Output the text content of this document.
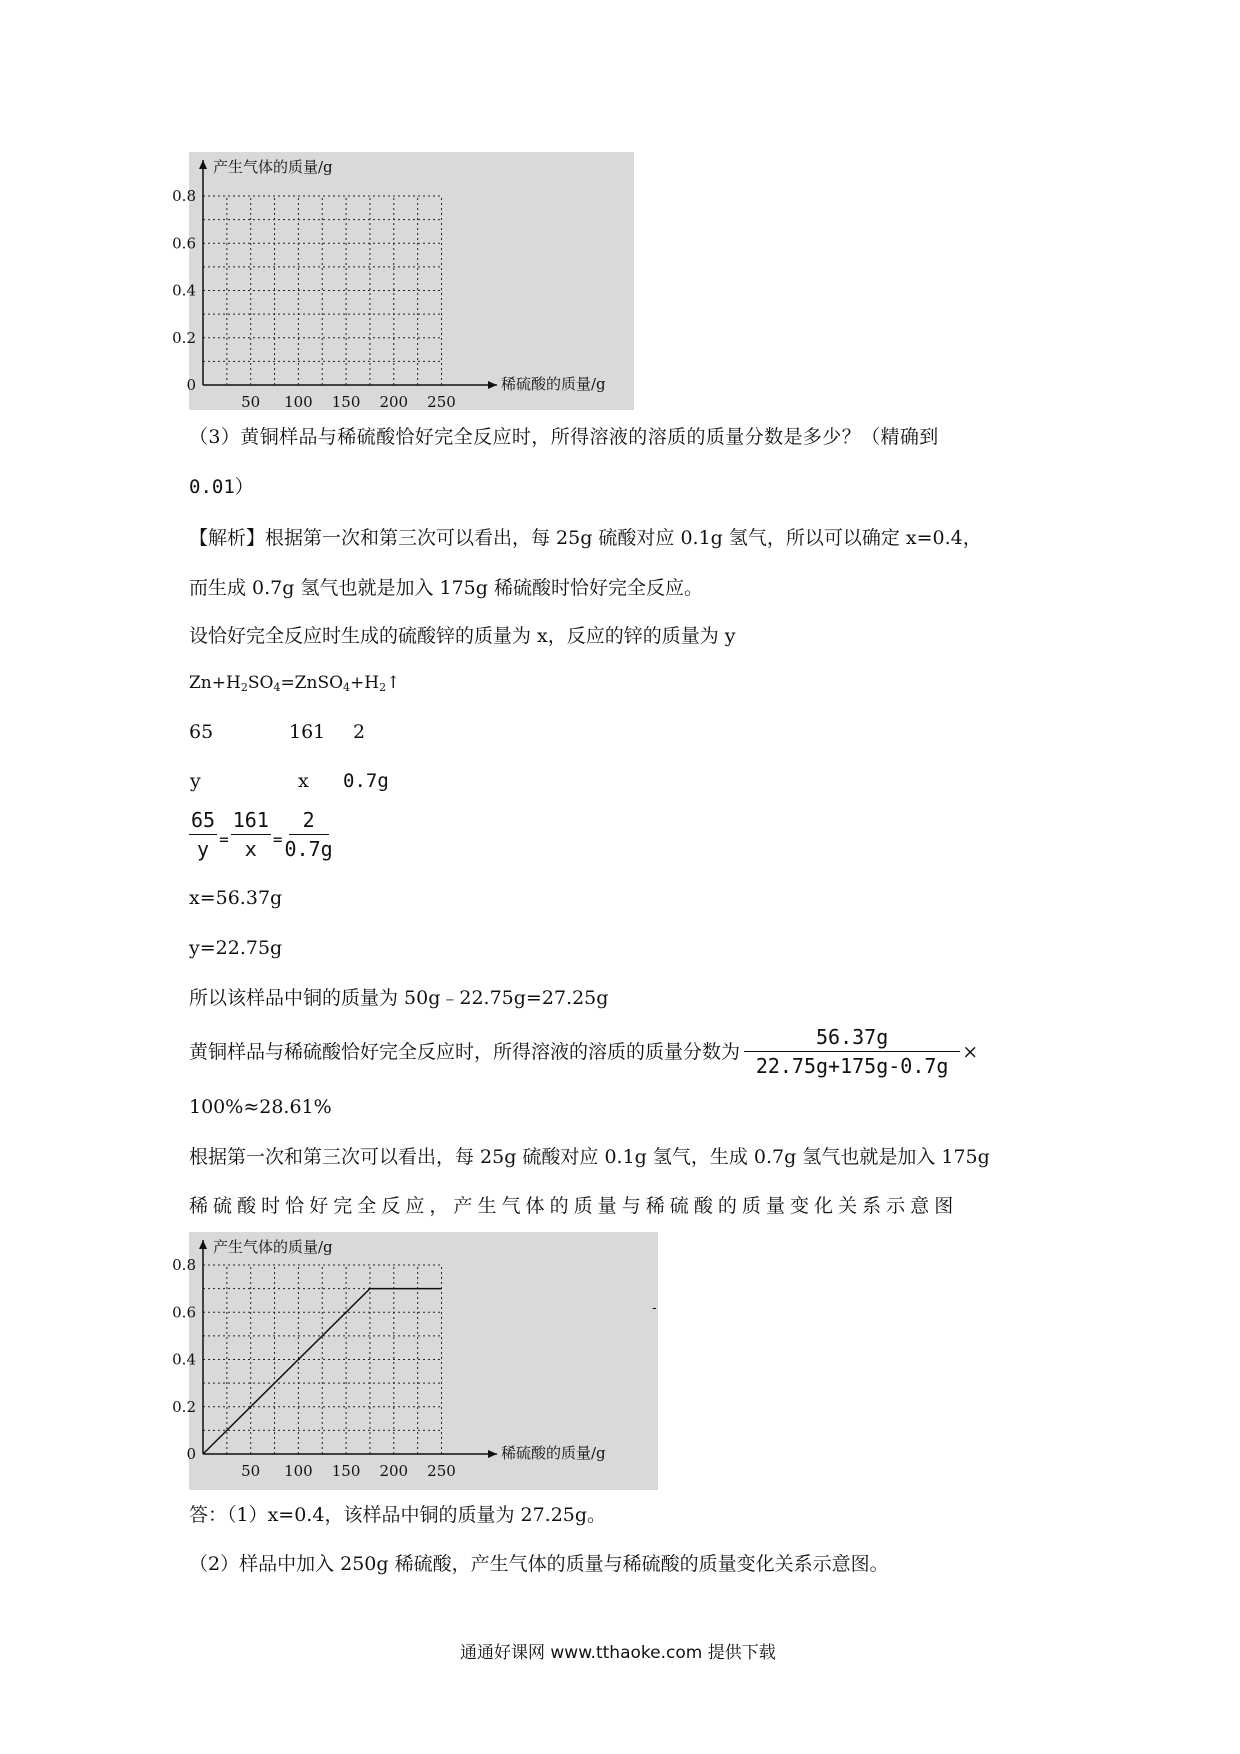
0
0.2
0.4
0.6
0.8
50 100 150 200 250
产生气体的质量/g
稀硫酸的质量/g
（3）黄铜样品与稀硫酸恰好完全反应时，所得溶液的溶质的质量分数是多少？（精确到
0.01）
【解析】根据第一次和第三次可以看出，每 25g 硫酸对应 0.1g 氢气，所以可以确定 x=0.4，
而生成 0.7g 氢气也就是加入 175g 稀硫酸时恰好完全反应。
设恰好完全反应时生成的硫酸锌的质量为 x，反应的锌的质量为 y
$Zn+H_2SO_4=ZnSO_4+H_2↑$
65	161 2
y	x 0.7g
$\frac{65}{y} = \frac{161}{x} = \frac{2}{0.7g}$
x=56.37g
y=22.75g
所以该样品中铜的质量为 50g﹣22.75g=27.25g
黄铜样品与稀硫酸恰好完全反应时，所得溶液的溶质的质量分数为 $\frac{56.37g}{22.75g+175g-0.7g}$ ×
100%≈28.61%
根据第一次和第三次可以看出，每 25g 硫酸对应 0.1g 氢气，生成 0.7g 氢气也就是加入 175g
稀 硫 酸 时 恰 好 完 全 反 应 ， 产 生 气 体 的 质 量 与 稀 硫 酸 的 质 量 变 化 关 系 示 意 图
0
0.2
0.4
0.6
0.8
50 100 150 200 250
产生气体的质量/g
稀硫酸的质量/g
-
答：（1）x=0.4，该样品中铜的质量为 27.25g。
（2）样品中加入 250g 稀硫酸，产生气体的质量与稀硫酸的质量变化关系示意图。
通通好课网 www.tthaoke.com 提供下载
